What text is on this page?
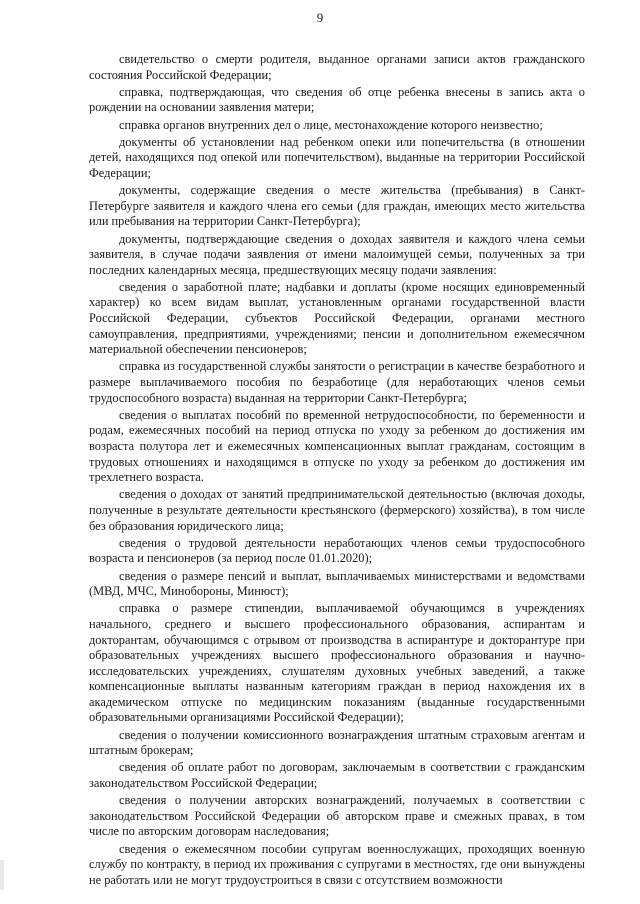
9

свидетельство о смерти родителя, выданное органами записи актов гражданского состояния Российской Федерации;

справка, подтверждающая, что сведения об отце ребенка внесены в запись акта о рождении на основании заявления матери;

справка органов внутренних дел о лице, местонахождение которого неизвестно;

документы об установлении над ребенком опеки или попечительства (в отношении детей, находящихся под опекой или попечительством), выданные на территории Российской Федерации;

документы, содержащие сведения о месте жительства (пребывания) в Санкт-Петербурге заявителя и каждого члена его семьи (для граждан, имеющих место жительства или пребывания на территории Санкт-Петербурга);

документы, подтверждающие сведения о доходах заявителя и каждого члена семьи заявителя, в случае подачи заявления от имени малоимущей семьи, полученных за три последних календарных месяца, предшествующих месяцу подачи заявления:

сведения о заработной плате; надбавки и доплаты (кроме носящих единовременный характер) ко всем видам выплат, установленным органами государственной власти Российской Федерации, субъектов Российской Федерации, органами местного самоуправления, предприятиями, учреждениями; пенсии и дополнительном ежемесячном материальной обеспечении пенсионеров;

справка из государственной службы занятости о регистрации в качестве безработного и размере выплачиваемого пособия по безработице (для неработающих членов семьи трудоспособного возраста) выданная на территории Санкт-Петербурга;

сведения о выплатах пособий по временной нетрудоспособности, по беременности и родам, ежемесячных пособий на период отпуска по уходу за ребенком до достижения им возраста полутора лет и ежемесячных компенсационных выплат гражданам, состоящим в трудовых отношениях и находящимся в отпуске по уходу за ребенком до достижения им трехлетнего возраста.

сведения о доходах от занятий предпринимательской деятельностью (включая доходы, полученные в результате деятельности крестьянского (фермерского) хозяйства), в том числе без образования юридического лица;

сведения о трудовой деятельности неработающих членов семьи трудоспособного возраста и пенсионеров (за период после 01.01.2020);

сведения о размере пенсий и выплат, выплачиваемых министерствами и ведомствами (МВД, МЧС, Минобороны, Минюст);

справка о размере стипендии, выплачиваемой обучающимся в учреждениях начального, среднего и высшего профессионального образования, аспирантам и докторантам, обучающимся с отрывом от производства в аспирантуре и докторантуре при образовательных учреждениях высшего профессионального образования и научно-исследовательских учреждениях, слушателям духовных учебных заведений, а также компенсационные выплаты названным категориям граждан в период нахождения их в академическом отпуске по медицинским показаниям (выданные государственными образовательными организациями Российской Федерации);

сведения о получении комиссионного вознаграждения штатным страховым агентам и штатным брокерам;

сведения об оплате работ по договорам, заключаемым в соответствии с гражданским законодательством Российской Федерации;

сведения о получении авторских вознаграждений, получаемых в соответствии с законодательством Российской Федерации об авторском праве и смежных правах, в том числе по авторским договорам наследования;

сведения о ежемесячном пособии супругам военнослужащих, проходящих военную службу по контракту, в период их проживания с супругами в местностях, где они вынуждены не работать или не могут трудоустроиться в связи с отсутствием возможности
